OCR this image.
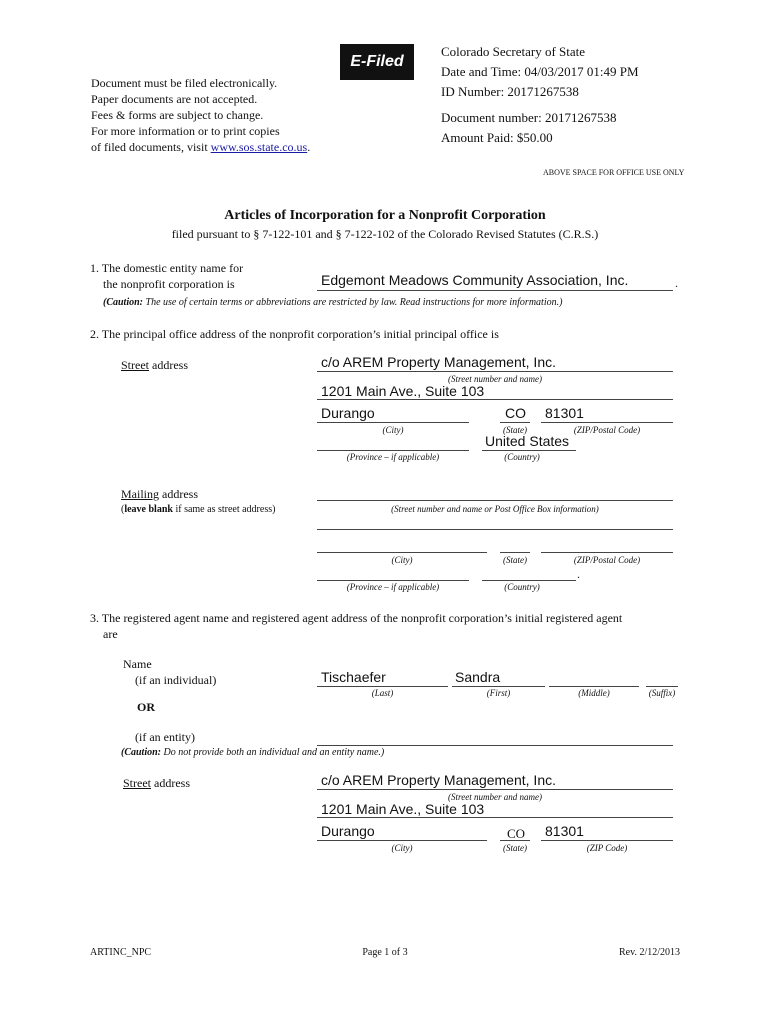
Document must be filed electronically.
Paper documents are not accepted.
Fees & forms are subject to change.
For more information or to print copies
of filed documents, visit www.sos.state.co.us.
E-Filed
Colorado Secretary of State
Date and Time: 04/03/2017 01:49 PM
ID Number: 20171267538
Document number: 20171267538
Amount Paid: $50.00
ABOVE SPACE FOR OFFICE USE ONLY
Articles of Incorporation for a Nonprofit Corporation
filed pursuant to § 7-122-101 and § 7-122-102 of the Colorado Revised Statutes (C.R.S.)
1. The domestic entity name for
the nonprofit corporation is	Edgemont Meadows Community Association, Inc.	.
(Caution: The use of certain terms or abbreviations are restricted by law. Read instructions for more information.)
2. The principal office address of the nonprofit corporation’s initial principal office is
Street address	c/o AREM Property Management, Inc.
(Street number and name)
1201 Main Ave., Suite 103
Durango	CO 81301
(City)	(State)	(ZIP/Postal Code)
United States
(Province – if applicable)	(Country)
Mailing address
(leave blank if same as street address)	(Street number and name or Post Office Box information)
(City)	(State)	(ZIP/Postal Code)
.
(Province – if applicable)	(Country)
3. The registered agent name and registered agent address of the nonprofit corporation’s initial registered agent
are
Name
(if an individual)	Tischaefer	Sandra
(Last)	(First)	(Middle)	(Suffix)
OR
(if an entity)
(Caution: Do not provide both an individual and an entity name.)
Street address	c/o AREM Property Management, Inc.
(Street number and name)
1201 Main Ave., Suite 103
Durango	CO 81301
(City)	(State)	(ZIP Code)
ARTINC_NPC	Page 1 of 3	Rev. 2/12/2013
